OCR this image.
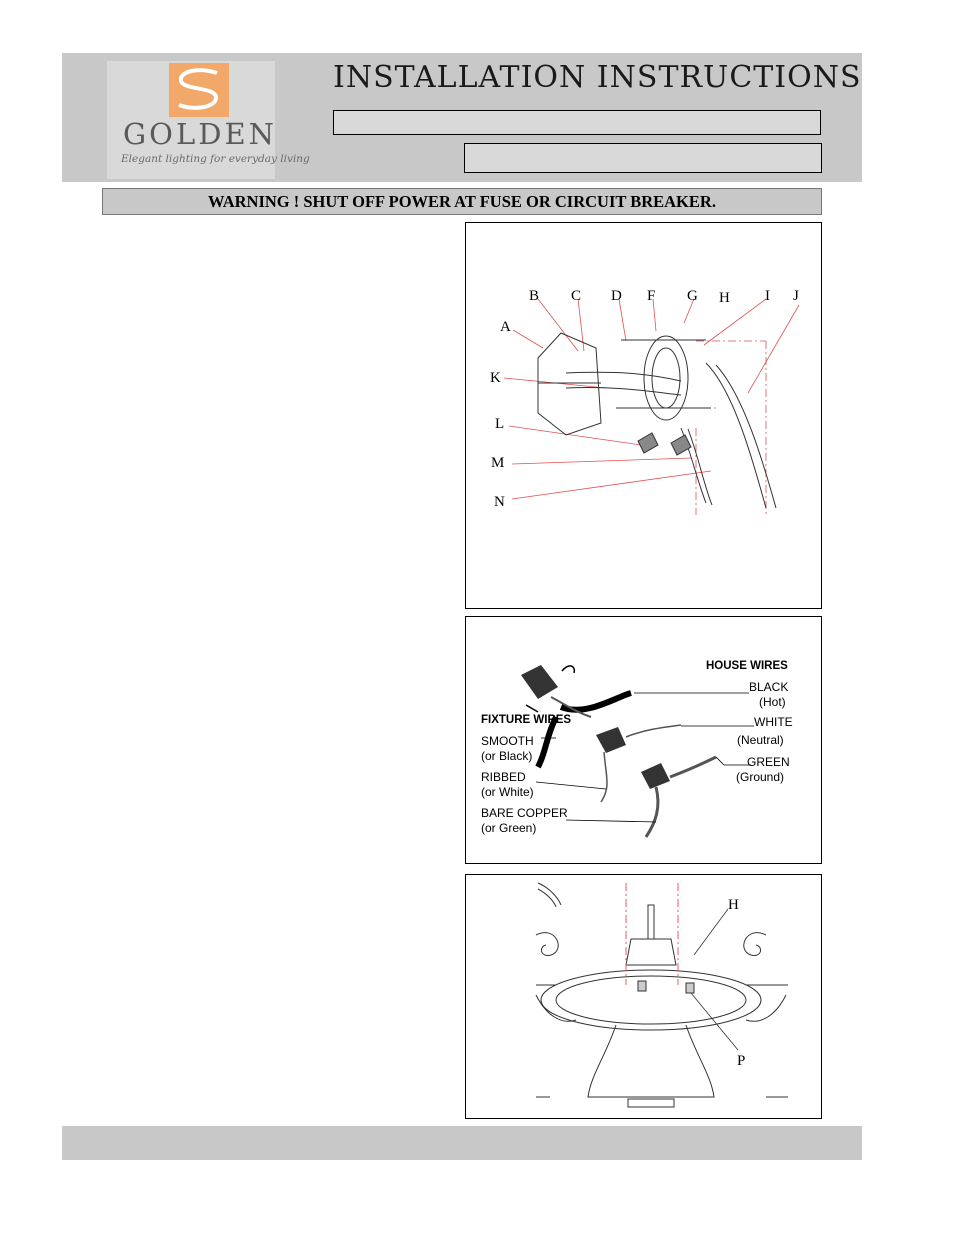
GOLDEN
Elegant lighting for everyday living
INSTALLATION INSTRUCTIONS
WARNING ! SHUT OFF POWER AT FUSE OR CIRCUIT BREAKER.
A
B C D F G H I J
K
L
M
N
HOUSE WIRES
FIXTURE WIRES
BLACK
(Hot)
WHITE
(Neutral)
GREEN
(Ground)
SMOOTH
(or Black)
RIBBED
(or White)
BARE COPPER
(or Green)
H
P
